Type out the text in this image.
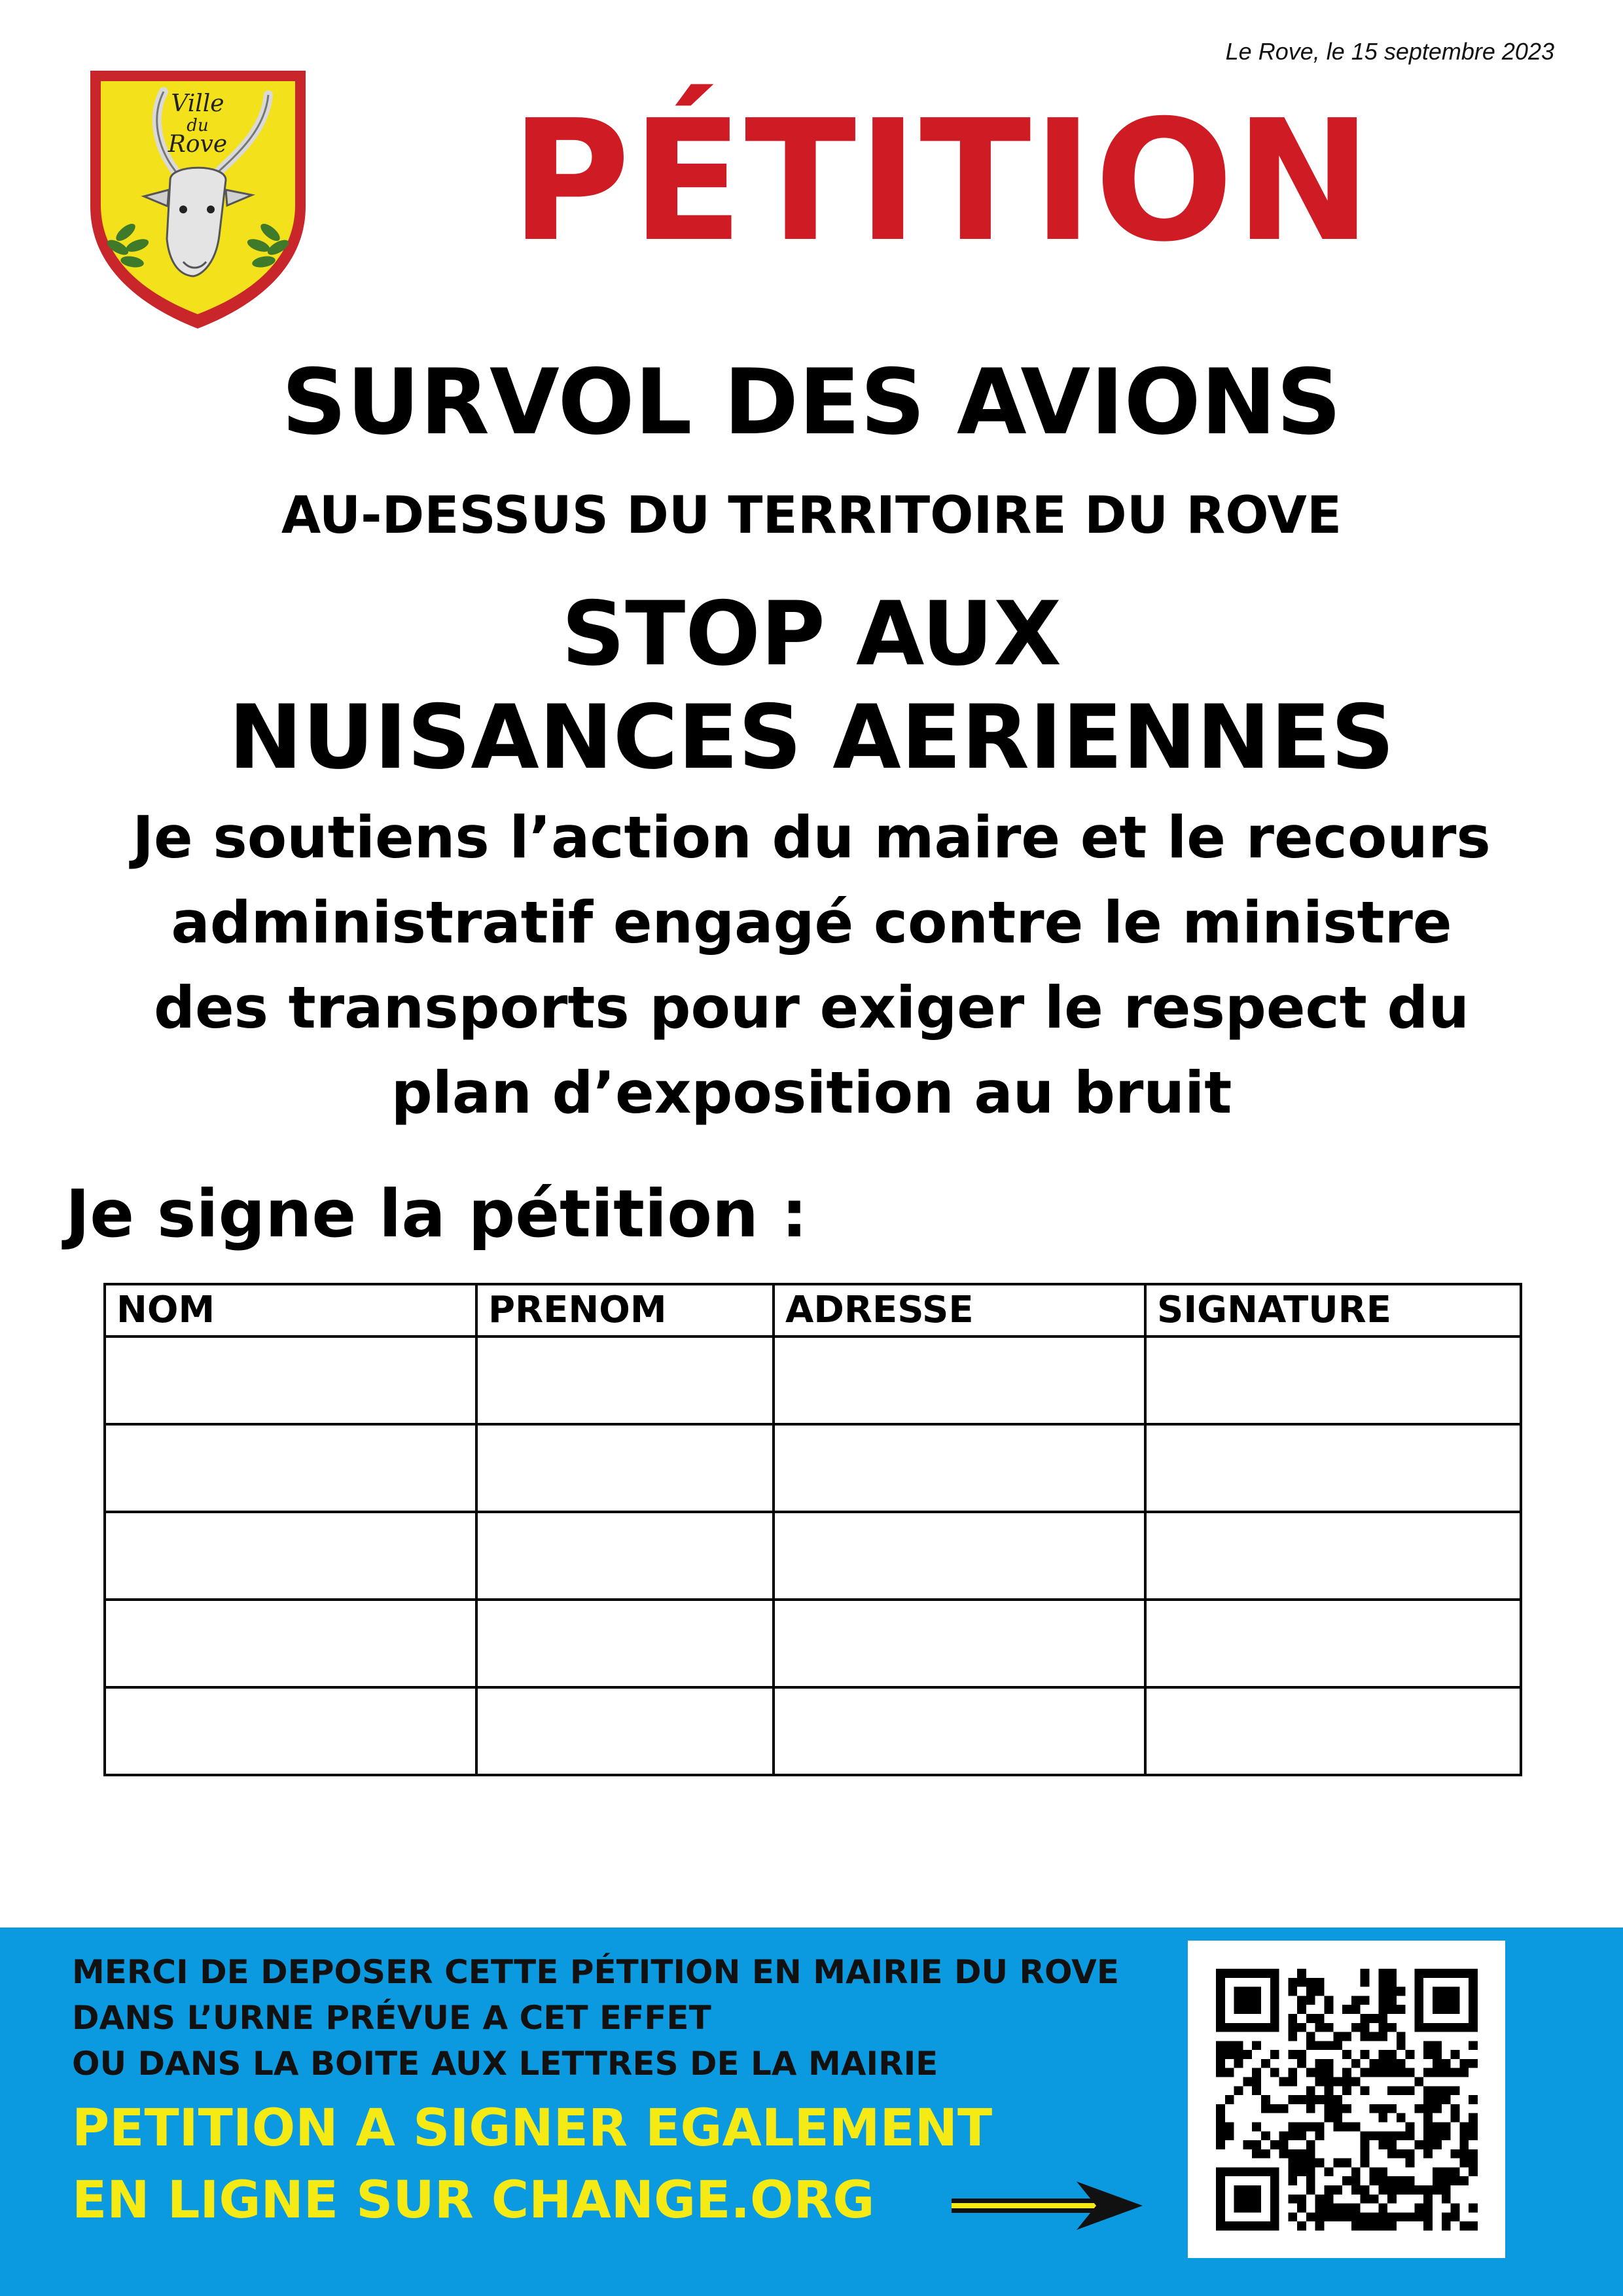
Le Rove, le 15 septembre 2023
Ville
du
Rove PÉTITION
SURVOL DES AVIONS
AU-DESSUS DU TERRITOIRE DU ROVE
STOP AUX
NUISANCES AERIENNES
Je soutiens l’action du maire et le recours
administratif engagé contre le ministre
des transports pour exiger le respect du
plan d’exposition au bruit
Je signe la pétition :
NOM	PRENOM	ADRESSE	SIGNATURE

MERCI DE DEPOSER CETTE PÉTITION EN MAIRIE DU ROVE
DANS L’URNE PRÉVUE A CET EFFET
OU DANS LA BOITE AUX LETTRES DE LA MAIRIE
PETITION A SIGNER EGALEMENT
EN LIGNE SUR CHANGE.ORG
